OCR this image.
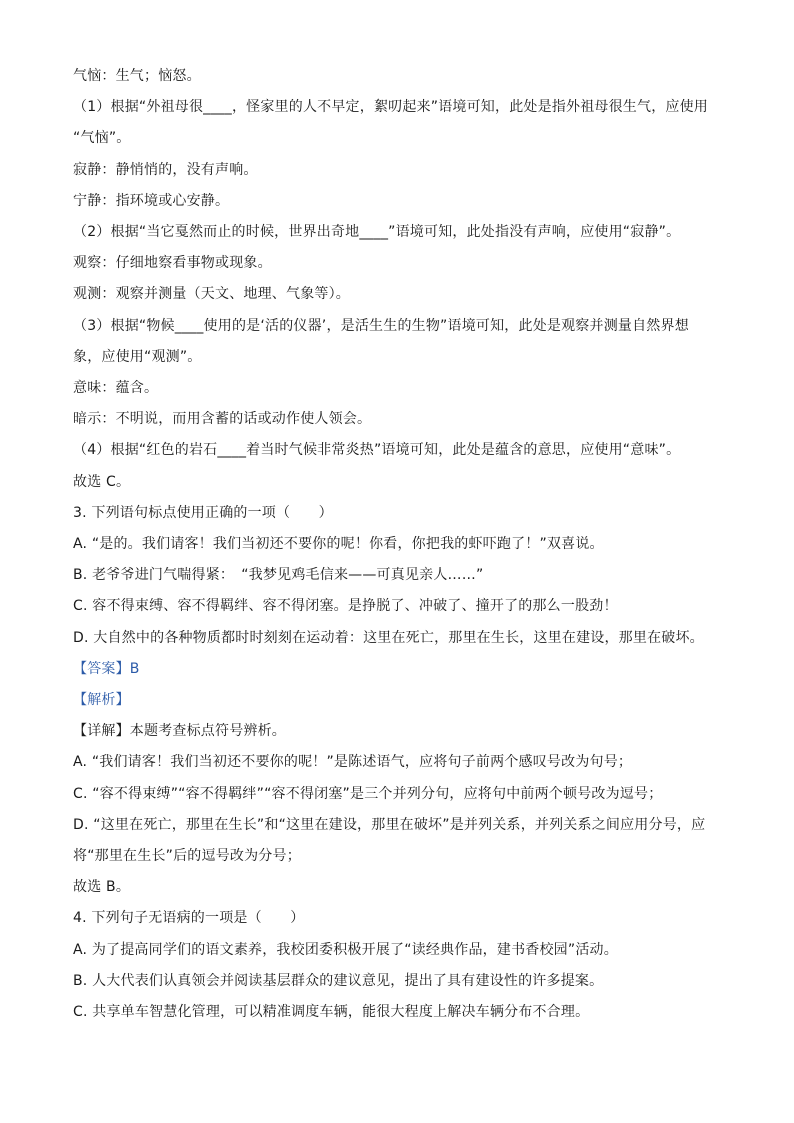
气恼：生气；恼怒。
（1）根据“外祖母很____，怪家里的人不早定，絮叨起来”语境可知，此处是指外祖母很生气，应使用
“气恼”。
寂静：静悄悄的，没有声响。
宁静：指环境或心安静。
（2）根据“当它戛然而止的时候，世界出奇地____”语境可知，此处指没有声响，应使用“寂静”。
观察：仔细地察看事物或现象。
观测：观察并测量（天文、地理、气象等）。
（3）根据“物候____使用的是‘活的仪器’，是活生生的生物”语境可知，此处是观察并测量自然界想
象，应使用“观测”。
意味：蕴含。
暗示：不明说，而用含蓄的话或动作使人领会。
（4）根据“红色的岩石____着当时气候非常炎热”语境可知，此处是蕴含的意思，应使用“意味”。
故选 C。
3. 下列语句标点使用正确的一项（　　）
A. “是的。我们请客！我们当初还不要你的呢！你看，你把我的虾吓跑了！”双喜说。
B. 老爷爷进门气喘得紧：　“我梦见鸡毛信来——可真见亲人……”
C. 容不得束缚、容不得羁绊、容不得闭塞。是挣脱了、冲破了、撞开了的那么一股劲！
D. 大自然中的各种物质都时时刻刻在运动着：这里在死亡，那里在生长，这里在建设，那里在破坏。
【答案】B
【解析】
【详解】本题考查标点符号辨析。
A. “我们请客！我们当初还不要你的呢！”是陈述语气，应将句子前两个感叹号改为句号；
C. “容不得束缚”“容不得羁绊”“容不得闭塞”是三个并列分句，应将句中前两个顿号改为逗号；
D. “这里在死亡，那里在生长”和“这里在建设，那里在破坏”是并列关系，并列关系之间应用分号，应
将“那里在生长”后的逗号改为分号；
故选 B。
4. 下列句子无语病的一项是（　　）
A. 为了提高同学们的语文素养，我校团委积极开展了“读经典作品，建书香校园”活动。
B. 人大代表们认真领会并阅读基层群众的建议意见，提出了具有建设性的许多提案。
C. 共享单车智慧化管理，可以精准调度车辆，能很大程度上解决车辆分布不合理。
